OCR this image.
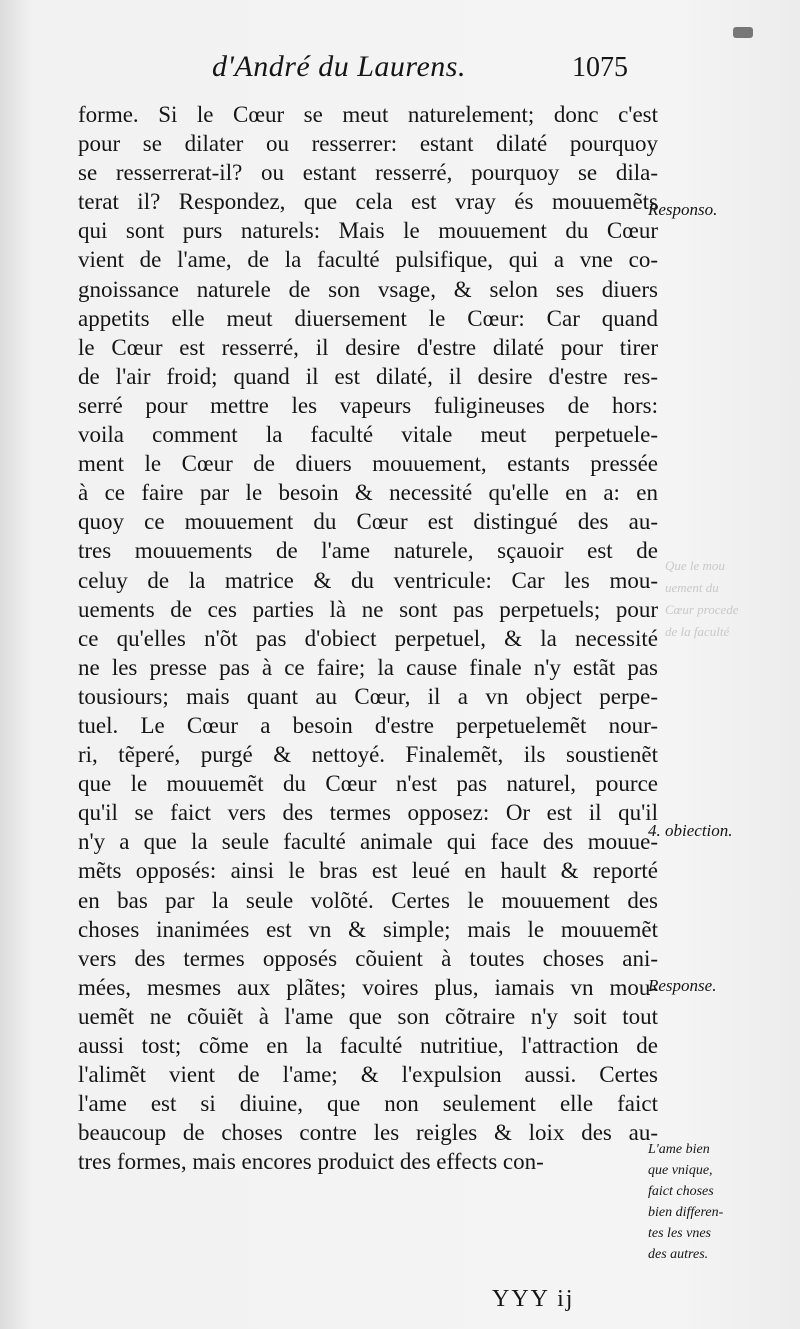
Que le mou
uement du
Cœur procede
de la faculté
d'André du Laurens.	1075
forme. Si le Cœur se meut naturelement; donc c'est
pour se dilater ou resserrer: estant dilaté pourquoy
se resserrerat-il? ou estant resserré, pourquoy se dila-
terat il? Respondez, que cela est vray és mouuemẽts
qui sont purs naturels: Mais le mouuement du Cœur
vient de l'ame, de la faculté pulsifique, qui a vne co-
gnoissance naturele de son vsage, & selon ses diuers
appetits elle meut diuersement le Cœur: Car quand
le Cœur est resserré, il desire d'estre dilaté pour tirer
de l'air froid; quand il est dilaté, il desire d'estre res-
serré pour mettre les vapeurs fuligineuses de hors:
voila comment la faculté vitale meut perpetuele-
ment le Cœur de diuers mouuement, estants pressée
à ce faire par le besoin & necessité qu'elle en a: en
quoy ce mouuement du Cœur est distingué des au-
tres mouuements de l'ame naturele, sçauoir est de
celuy de la matrice & du ventricule: Car les mou-
uements de ces parties là ne sont pas perpetuels; pour
ce qu'elles n'õt pas d'obiect perpetuel, & la necessité
ne les presse pas à ce faire; la cause finale n'y estãt pas
tousiours; mais quant au Cœur, il a vn object perpe-
tuel. Le Cœur a besoin d'estre perpetuelemẽt nour-
ri, tẽperé, purgé & nettoyé. Finalemẽt, ils soustienẽt
que le mouuemẽt du Cœur n'est pas naturel, pource
qu'il se faict vers des termes opposez: Or est il qu'il
n'y a que la seule faculté animale qui face des mouue-
mẽts opposés: ainsi le bras est leué en hault & reporté
en bas par la seule volõté. Certes le mouuement des
choses inanimées est vn & simple; mais le mouuemẽt
vers des termes opposés cõuient à toutes choses ani-
mées, mesmes aux plãtes; voires plus, iamais vn mou-
uemẽt ne cõuiẽt à l'ame que son cõtraire n'y soit tout
aussi tost; cõme en la faculté nutritiue, l'attraction de
l'alimẽt vient de l'ame; & l'expulsion aussi. Certes
l'ame est si diuine, que non seulement elle faict
beaucoup de choses contre les reigles & loix des au-
tres formes, mais encores produict des effects con-
Responso.
4. obiection.
Response.
L'ame bien
que vnique,
faict choses
bien differen-
tes les vnes
des autres.
YYY ij
